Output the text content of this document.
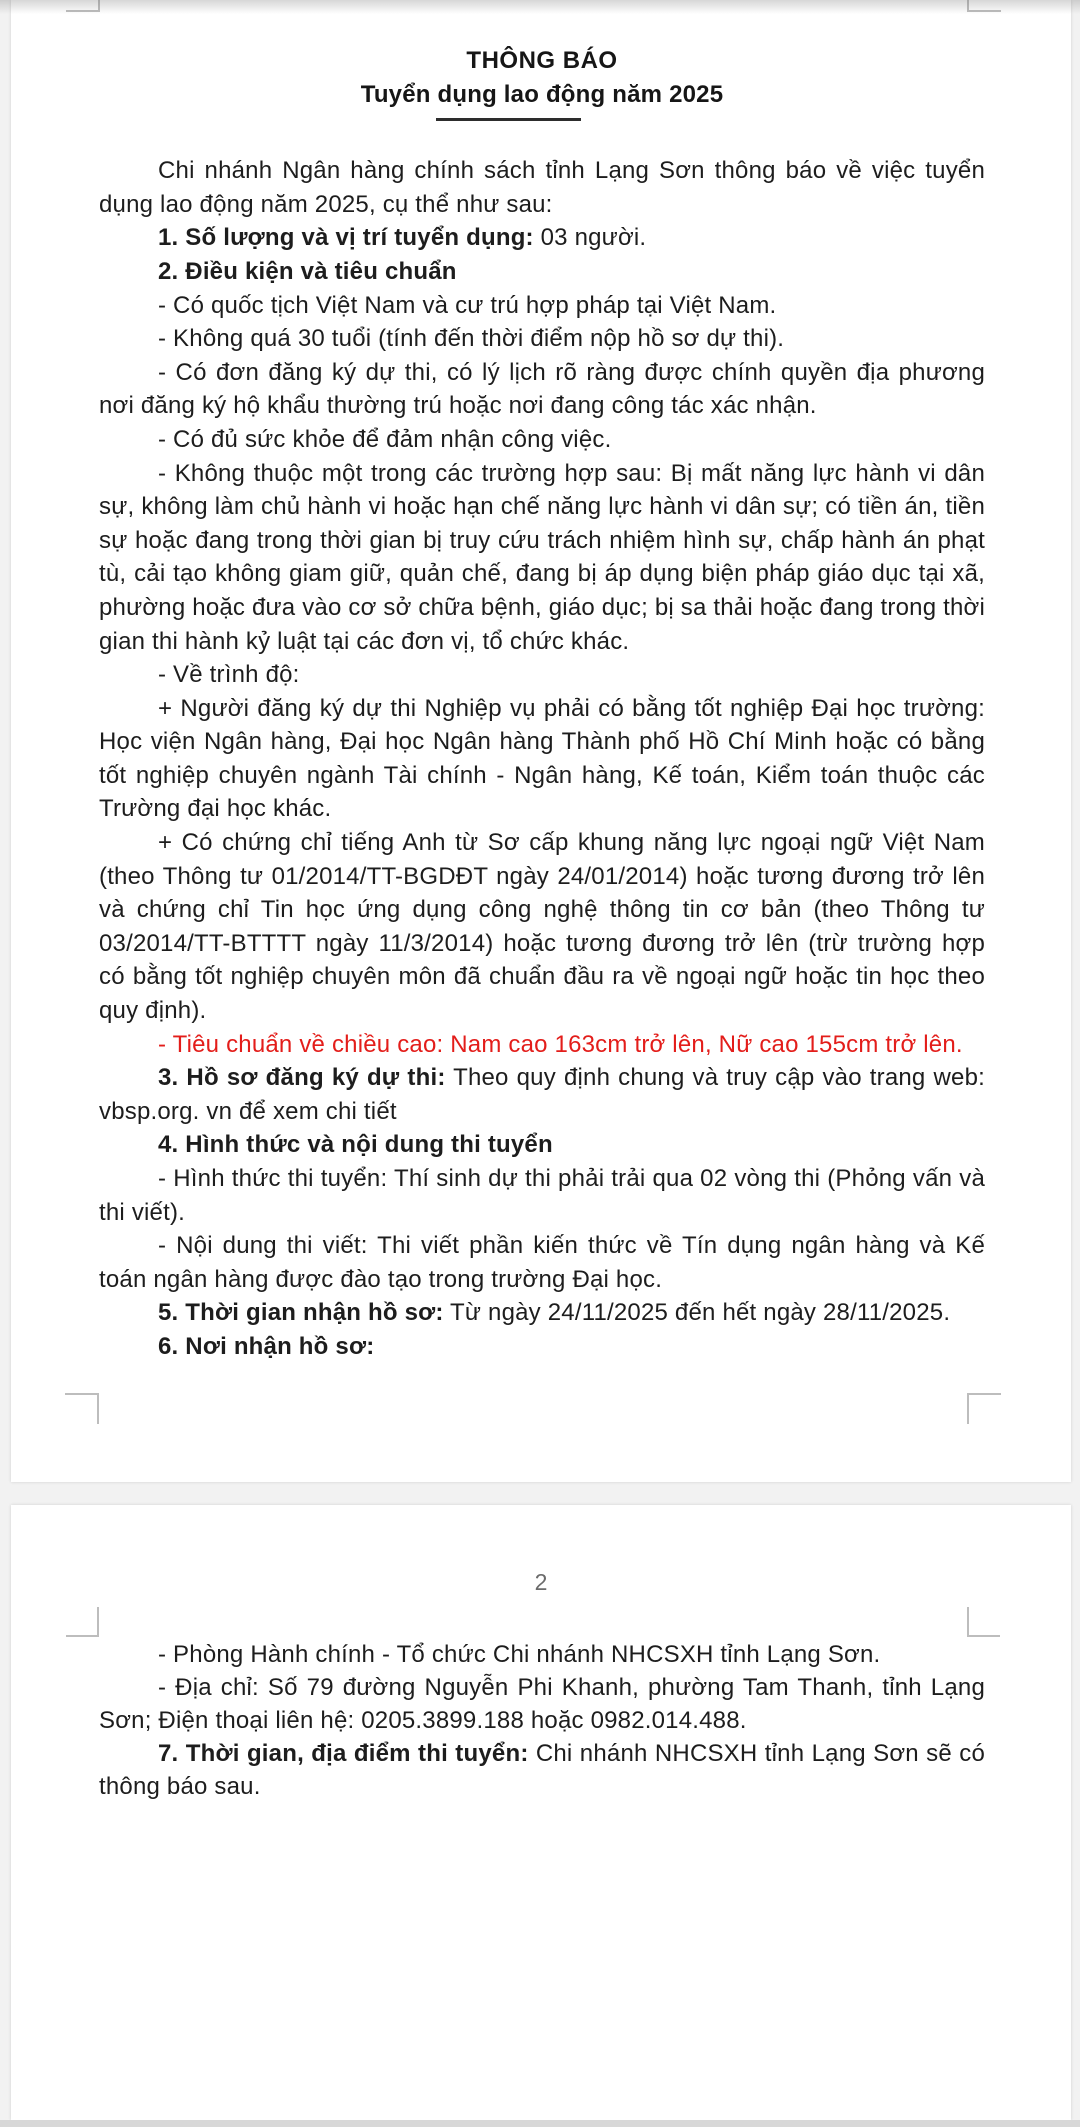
THÔNG BÁO

Tuyển dụng lao động năm 2025

Chi nhánh Ngân hàng chính sách tỉnh Lạng Sơn thông báo về việc tuyển dụng lao động năm 2025, cụ thể như sau:

1. Số lượng và vị trí tuyển dụng: 03 người.

2. Điều kiện và tiêu chuẩn

- Có quốc tịch Việt Nam và cư trú hợp pháp tại Việt Nam.

- Không quá 30 tuổi (tính đến thời điểm nộp hồ sơ dự thi).

- Có đơn đăng ký dự thi, có lý lịch rõ ràng được chính quyền địa phương nơi đăng ký hộ khẩu thường trú hoặc nơi đang công tác xác nhận.

- Có đủ sức khỏe để đảm nhận công việc.

- Không thuộc một trong các trường hợp sau: Bị mất năng lực hành vi dân sự, không làm chủ hành vi hoặc hạn chế năng lực hành vi dân sự; có tiền án, tiền sự hoặc đang trong thời gian bị truy cứu trách nhiệm hình sự, chấp hành án phạt tù, cải tạo không giam giữ, quản chế, đang bị áp dụng biện pháp giáo dục tại xã, phường hoặc đưa vào cơ sở chữa bệnh, giáo dục; bị sa thải hoặc đang trong thời gian thi hành kỷ luật tại các đơn vị, tổ chức khác.

- Về trình độ:

+ Người đăng ký dự thi Nghiệp vụ phải có bằng tốt nghiệp Đại học trường: Học viện Ngân hàng, Đại học Ngân hàng Thành phố Hồ Chí Minh hoặc có bằng tốt nghiệp chuyên ngành Tài chính - Ngân hàng, Kế toán, Kiểm toán thuộc các Trường đại học khác.

+ Có chứng chỉ tiếng Anh từ Sơ cấp khung năng lực ngoại ngữ Việt Nam (theo Thông tư 01/2014/TT-BGDĐT ngày 24/01/2014) hoặc tương đương trở lên và chứng chỉ Tin học ứng dụng công nghệ thông tin cơ bản (theo Thông tư 03/2014/TT-BTTTT ngày 11/3/2014) hoặc tương đương trở lên (trừ trường hợp có bằng tốt nghiệp chuyên môn đã chuẩn đầu ra về ngoại ngữ hoặc tin học theo quy định).

- Tiêu chuẩn về chiều cao: Nam cao 163cm trở lên, Nữ cao 155cm trở lên.

3. Hồ sơ đăng ký dự thi: Theo quy định chung và truy cập vào trang web: vbsp.org. vn để xem chi tiết

4. Hình thức và nội dung thi tuyển

- Hình thức thi tuyển: Thí sinh dự thi phải trải qua 02 vòng thi (Phỏng vấn và thi viết).

- Nội dung thi viết: Thi viết phần kiến thức về Tín dụng ngân hàng và Kế toán ngân hàng được đào tạo trong trường Đại học.

5. Thời gian nhận hồ sơ: Từ ngày 24/11/2025 đến hết ngày 28/11/2025.

6. Nơi nhận hồ sơ:

2

- Phòng Hành chính - Tổ chức Chi nhánh NHCSXH tỉnh Lạng Sơn.

- Địa chỉ: Số 79 đường Nguyễn Phi Khanh, phường Tam Thanh, tỉnh Lạng Sơn; Điện thoại liên hệ: 0205.3899.188 hoặc 0982.014.488.

7. Thời gian, địa điểm thi tuyển: Chi nhánh NHCSXH tỉnh Lạng Sơn sẽ có thông báo sau.
